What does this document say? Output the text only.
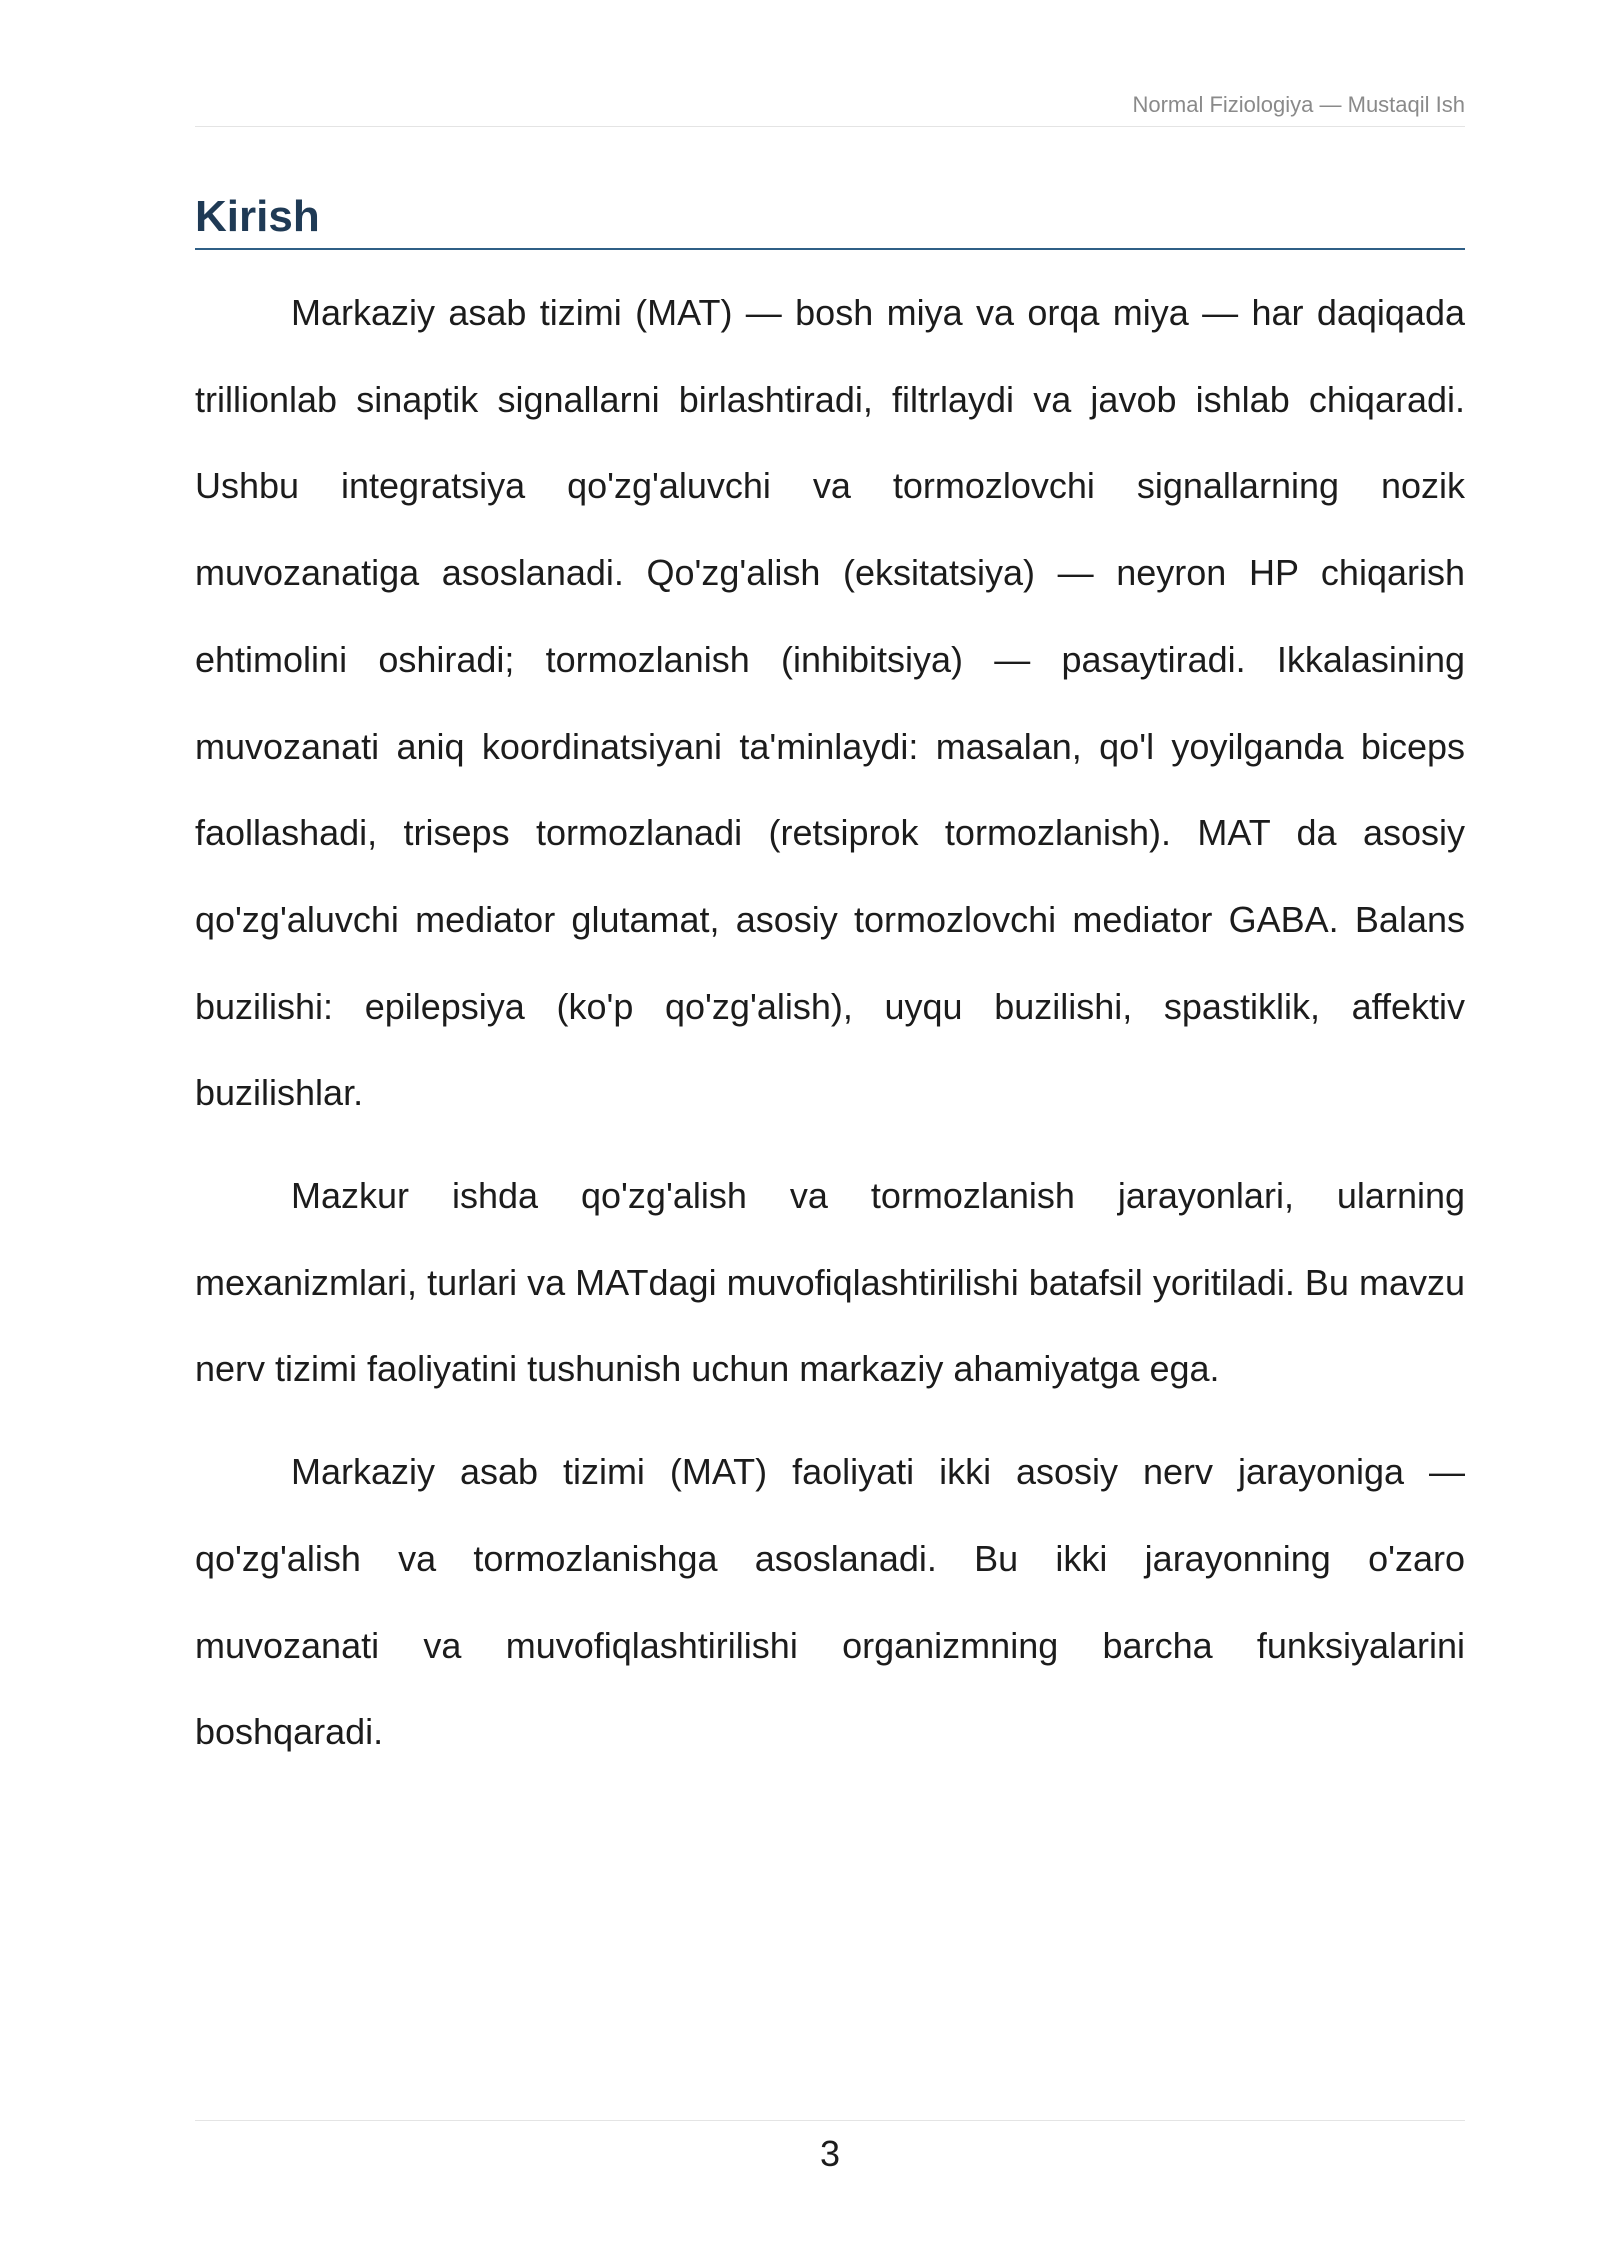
Normal Fiziologiya — Mustaqil Ish
Kirish

Markaziy asab tizimi (MAT) — bosh miya va orqa miya — har daqiqada trillionlab sinaptik signallarni birlashtiradi, filtrlaydi va javob ishlab chiqaradi. Ushbu integratsiya qo'zg'aluvchi va tormozlovchi signallarning nozik muvozanatiga asoslanadi. Qo'zg'alish (eksitatsiya) — neyron HP chiqarish ehtimolini oshiradi; tormozlanish (inhibitsiya) — pasaytiradi. Ikkalasining muvozanati aniq koordinatsiyani ta'minlaydi: masalan, qo'l yoyilganda biceps faollashadi, triseps tormozlanadi (retsiprok tormozlanish). MAT da asosiy qo'zg'aluvchi mediator glutamat, asosiy tormozlovchi mediator GABA. Balans buzilishi: epilepsiya (ko'p qo'zg'alish), uyqu buzilishi, spastiklik, affektiv buzilishlar.

Mazkur ishda qo'zg'alish va tormozlanish jarayonlari, ularning mexanizmlari, turlari va MATdagi muvofiqlashtirilishi batafsil yoritiladi. Bu mavzu nerv tizimi faoliyatini tushunish uchun markaziy ahamiyatga ega.

Markaziy asab tizimi (MAT) faoliyati ikki asosiy nerv jarayoniga — qo'zg'alish va tormozlanishga asoslanadi. Bu ikki jarayonning o'zaro muvozanati va muvofiqlashtirilishi organizmning barcha funksiyalarini boshqaradi.

3
